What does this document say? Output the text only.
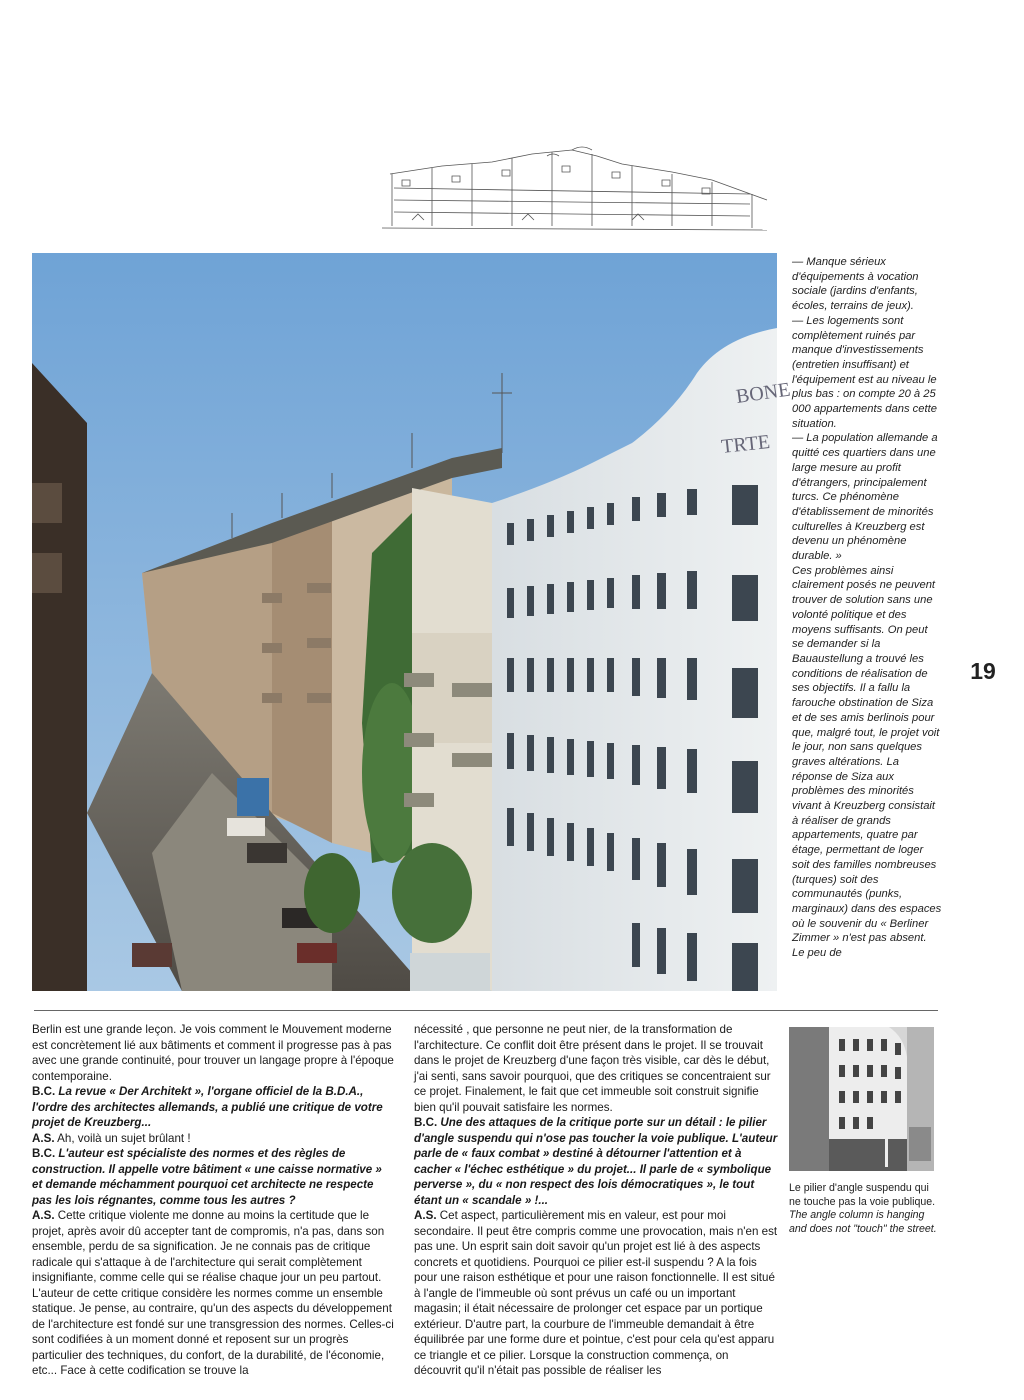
BONE
TRTE

— Manque sérieux d'équipements à vocation sociale (jardins d'enfants, écoles, terrains de jeux).

— Les logements sont complètement ruinés par manque d'investissements (entretien insuffisant) et l'équipement est au niveau le plus bas : on compte 20 à 25 000 appartements dans cette situation.

— La population allemande a quitté ces quartiers dans une large mesure au profit d'étrangers, principalement turcs. Ce phénomène d'établissement de minorités culturelles à Kreuzberg est devenu un phénomène durable. »

Ces problèmes ainsi clairement posés ne peuvent trouver de solution sans une volonté politique et des moyens suffisants. On peut se demander si la Bauaustellung a trouvé les conditions de réalisation de ses objectifs. Il a fallu la farouche obstination de Siza et de ses amis berlinois pour que, malgré tout, le projet voit le jour, non sans quelques graves altérations. La réponse de Siza aux problèmes des minorités vivant à Kreuzberg consistait à réaliser de grands appartements, quatre par étage, permettant de loger soit des familles nombreuses (turques) soit des communautés (punks, marginaux) dans des espaces où le souvenir du « Berliner Zimmer » n'est pas absent. Le peu de

19

Berlin est une grande leçon. Je vois comment le Mouvement moderne est concrètement lié aux bâtiments et comment il progresse pas à pas avec une grande continuité, pour trouver un langage propre à l'époque contemporaine.

B.C. La revue « Der Architekt », l'organe officiel de la B.D.A., l'ordre des architectes allemands, a publié une critique de votre projet de Kreuzberg...

A.S. Ah, voilà un sujet brûlant !

B.C. L'auteur est spécialiste des normes et des règles de construction. Il appelle votre bâtiment « une caisse normative » et demande méchamment pourquoi cet architecte ne respecte pas les lois régnantes, comme tous les autres ?

A.S. Cette critique violente me donne au moins la certitude que le projet, après avoir dû accepter tant de compromis, n'a pas, dans son ensemble, perdu de sa signification. Je ne connais pas de critique radicale qui s'attaque à de l'architecture qui serait complètement insignifiante, comme celle qui se réalise chaque jour un peu partout. L'auteur de cette critique considère les normes comme un ensemble statique. Je pense, au contraire, qu'un des aspects du développement de l'architecture est fondé sur une transgression des normes. Celles-ci sont codifiées à un moment donné et reposent sur un progrès particulier des techniques, du confort, de la durabilité, de l'économie, etc... Face à cette codification se trouve la

nécessité , que personne ne peut nier, de la transformation de l'architecture. Ce conflit doit être présent dans le projet. Il se trouvait dans le projet de Kreuzberg d'une façon très visible, car dès le début, j'ai senti, sans savoir pourquoi, que des critiques se concentraient sur ce projet. Finalement, le fait que cet immeuble soit construit signifie bien qu'il pouvait satisfaire les normes.

B.C. Une des attaques de la critique porte sur un détail : le pilier d'angle suspendu qui n'ose pas toucher la voie publique. L'auteur parle de « faux combat » destiné à détourner l'attention et à cacher « l'échec esthétique » du projet... Il parle de « symbolique perverse », du « non respect des lois démocratiques », le tout étant un « scandale » !...

A.S. Cet aspect, particulièrement mis en valeur, est pour moi secondaire. Il peut être compris comme une provocation, mais n'en est pas une. Un esprit sain doit savoir qu'un projet est lié à des aspects concrets et quotidiens. Pourquoi ce pilier est-il suspendu ? A la fois pour une raison esthétique et pour une raison fonctionnelle. Il est situé à l'angle de l'immeuble où sont prévus un café ou un important magasin; il était nécessaire de prolonger cet espace par un portique extérieur. D'autre part, la courbure de l'immeuble demandait à être équilibrée par une forme dure et pointue, c'est pour cela qu'est apparu ce triangle et ce pilier. Lorsque la construction commença, on découvrit qu'il n'était pas possible de réaliser les

Le pilier d'angle suspendu qui ne touche pas la voie publique.
The angle column is hanging and does not "touch" the street.
